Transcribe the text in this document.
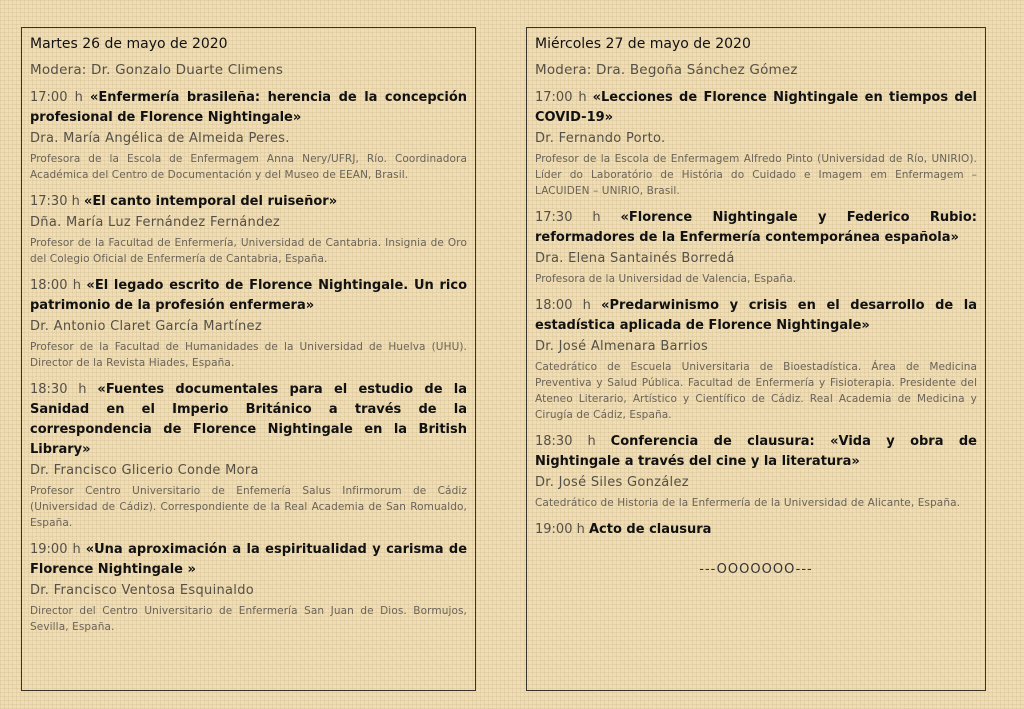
Martes 26 de mayo de 2020

Modera: Dr. Gonzalo Duarte Climens

17:00 h «Enfermería brasileña: herencia de la concepción profesional de Florence Nightingale»

Dra. María Angélica de Almeida Peres.

Profesora de la Escola de Enfermagem Anna Nery/UFRJ, Río. Coordinadora Académica del Centro de Documentación y del Museo de EEAN, Brasil.

17:30 h «El canto intemporal del ruiseñor»

Dña. María Luz Fernández Fernández

Profesor de la Facultad de Enfermería, Universidad de Cantabria. Insignia de Oro del Colegio Oficial de Enfermería de Cantabria, España.

18:00 h «El legado escrito de Florence Nightingale. Un rico patrimonio de la profesión enfermera»

Dr. Antonio Claret García Martínez

Profesor de la Facultad de Humanidades de la Universidad de Huelva (UHU). Director de la Revista Hiades, España.

18:30 h «Fuentes documentales para el estudio de la Sanidad en el Imperio Británico a través de la correspondencia de Florence Nightingale en la British Library»

Dr. Francisco Glicerio Conde Mora

Profesor Centro Universitario de Enfemería Salus Infirmorum de Cádiz (Universidad de Cádiz). Correspondiente de la Real Academia de San Romualdo, España.

19:00 h «Una aproximación a la espiritualidad y carisma de Florence Nightingale »

Dr. Francisco Ventosa Esquinaldo

Director del Centro Universitario de Enfermería San Juan de Dios. Bormujos, Sevilla, España.

Miércoles 27 de mayo de 2020

Modera: Dra. Begoña Sánchez Gómez

17:00 h «Lecciones de Florence Nightingale en tiempos del COVID-19»

Dr. Fernando Porto.

Profesor de la Escola de Enfermagem Alfredo Pinto (Universidad de Río, UNIRIO). Líder do Laboratório de História do Cuidado e Imagem em Enfermagem – LACUIDEN – UNIRIO, Brasil.

17:30 h «Florence Nightingale y Federico Rubio: reformadores de la Enfermería contemporánea española»

Dra. Elena Santainés Borredá

Profesora de la Universidad de Valencia, España.

18:00 h «Predarwinismo y crisis en el desarrollo de la estadística aplicada de Florence Nightingale»

Dr. José Almenara Barrios

Catedrático de Escuela Universitaria de Bioestadística. Área de Medicina Preventiva y Salud Pública. Facultad de Enfermería y Fisioterapia. Presidente del Ateneo Literario, Artístico y Científico de Cádiz. Real Academia de Medicina y Cirugía de Cádiz, España.

18:30 h Conferencia de clausura: «Vida y obra de Nightingale a través del cine y la literatura»

Dr. José Siles González

Catedrático de Historia de la Enfermería de la Universidad de Alicante, España.

19:00 h Acto de clausura

---OOOOOOO---
